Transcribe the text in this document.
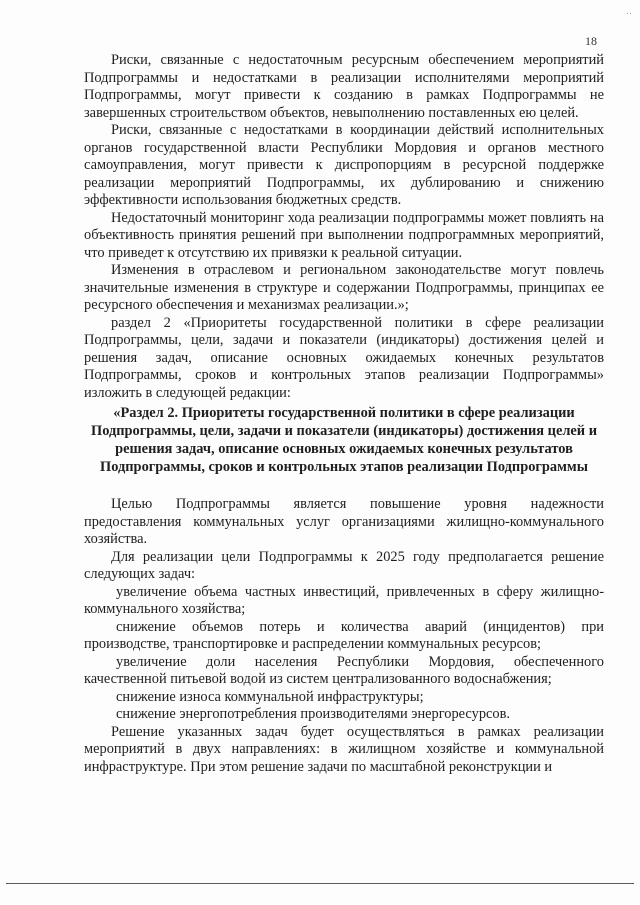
‥
18

Риски, связанные с недостаточным ресурсным обеспечением мероприятий Подпрограммы и недостатками в реализации исполнителями мероприятий Подпрограммы, могут привести к созданию в рамках Подпрограммы не завершенных строительством объектов, невыполнению поставленных ею целей.

Риски, связанные с недостатками в координации действий исполнительных органов государственной власти Республики Мордовия и органов местного самоуправления, могут привести к диспропорциям в ресурсной поддержке реализации мероприятий Подпрограммы, их дублированию и снижению эффективности использования бюджетных средств.

Недостаточный мониторинг хода реализации подпрограммы может повлиять на объективность принятия решений при выполнении подпрограммных мероприятий, что приведет к отсутствию их привязки к реальной ситуации.

Изменения в отраслевом и региональном законодательстве могут повлечь значительные изменения в структуре и содержании Подпрограммы, принципах ее ресурсного обеспечения и механизмах реализации.»;

раздел 2 «Приоритеты государственной политики в сфере реализации Подпрограммы, цели, задачи и показатели (индикаторы) достижения целей и решения задач, описание основных ожидаемых конечных результатов Подпрограммы, сроков и контрольных этапов реализации Подпрограммы» изложить в следующей редакции:

«Раздел 2. Приоритеты государственной политики в сфере реализации Подпрограммы, цели, задачи и показатели (индикаторы) достижения целей и решения задач, описание основных ожидаемых конечных результатов Подпрограммы, сроков и контрольных этапов реализации Подпрограммы

Целью Подпрограммы является повышение уровня надежности предоставления коммунальных услуг организациями жилищно-коммунального хозяйства.

Для реализации цели Подпрограммы к 2025 году предполагается решение следующих задач:

увеличение объема частных инвестиций, привлеченных в сферу жилищно-коммунального хозяйства;

снижение объемов потерь и количества аварий (инцидентов) при производстве, транспортировке и распределении коммунальных ресурсов;

увеличение доли населения Республики Мордовия, обеспеченного качественной питьевой водой из систем централизованного водоснабжения;

снижение износа коммунальной инфраструктуры;

снижение энергопотребления производителями энергоресурсов.

Решение указанных задач будет осуществляться в рамках реализации мероприятий в двух направлениях: в жилищном хозяйстве и коммунальной инфраструктуре. При этом решение задачи по масштабной реконструкции и
